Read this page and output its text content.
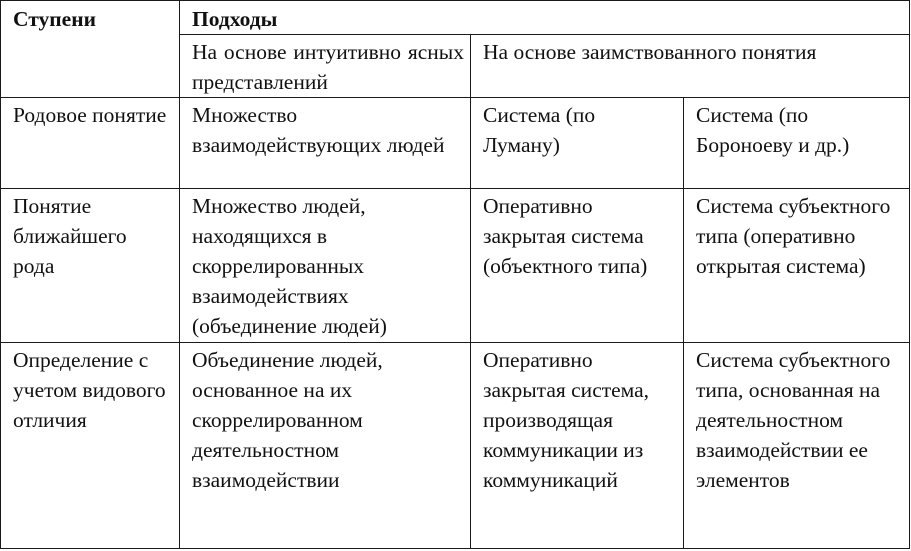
Ступени	Подходы		
	На основе интуитивно ясных представлений	На основе заимствованного понятия	
Родовое понятие	Множество взаимодействующих людей	Система (по Луману)	Система (по Бороноеву и др.)
Понятие ближайшего рода	Множество людей, находящихся в скоррелированных взаимодействиях (объединение людей)	Оперативно закрытая система (объектного типа)	Система субъектного типа (оперативно открытая система)
Определение с учетом видового отличия	Объединение людей, основанное на их скоррелированном деятельностном взаимодействии	Оперативно закрытая система, производящая коммуникации из коммуникаций	Система субъектного типа, основанная на деятельностном взаимодействии ее элементов
